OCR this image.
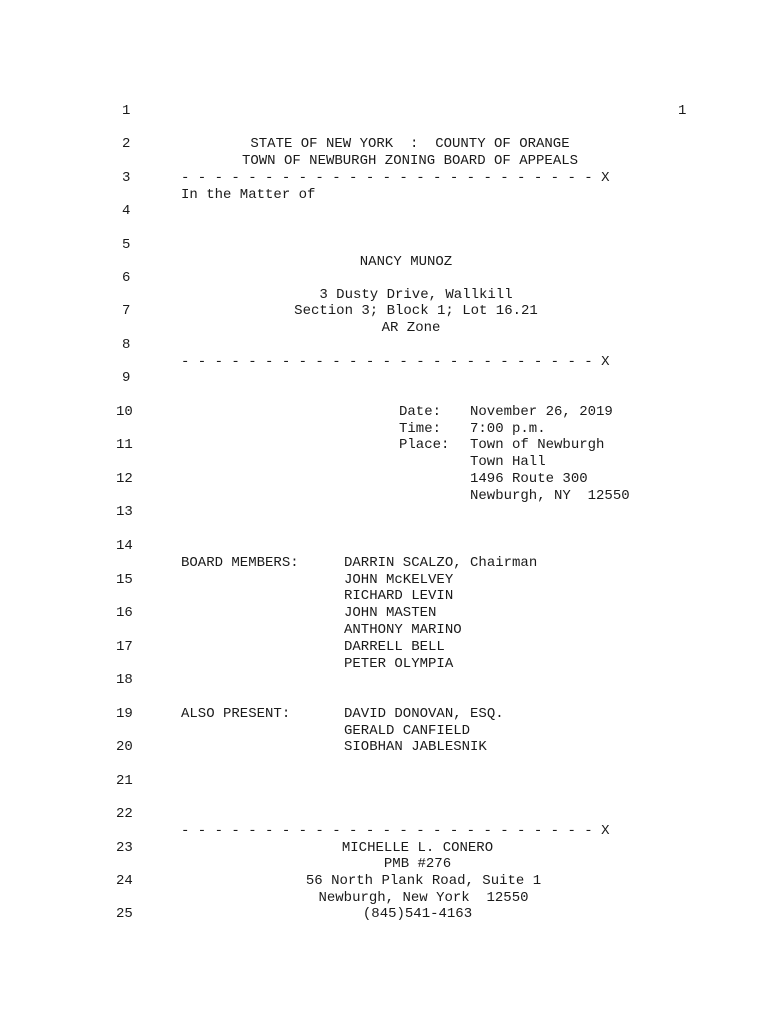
1
1
2
3
4
5
6
7
8
9
10
11
12
13
14
15
16
17
18
19
20
21
22
23
24
25
STATE OF NEW YORK  :  COUNTY OF ORANGE
TOWN OF NEWBURGH ZONING BOARD OF APPEALS
- - - - - - - - - - - - - - - - - - - - - - - - - X
In the Matter of
NANCY MUNOZ
3 Dusty Drive, Wallkill
Section 3; Block 1; Lot 16.21
AR Zone
- - - - - - - - - - - - - - - - - - - - - - - - - X
Date: November 26, 2019
Time: 7:00 p.m.
Place: Town of Newburgh
Town Hall
1496 Route 300
Newburgh, NY  12550
BOARD MEMBERS:	DARRIN SCALZO, Chairman
JOHN McKELVEY
RICHARD LEVIN
JOHN MASTEN
ANTHONY MARINO
DARRELL BELL
PETER OLYMPIA
ALSO PRESENT:	DAVID DONOVAN, ESQ.
GERALD CANFIELD
SIOBHAN JABLESNIK
- - - - - - - - - - - - - - - - - - - - - - - - - X
MICHELLE L. CONERO
PMB #276
56 North Plank Road, Suite 1
Newburgh, New York  12550
(845)541-4163
